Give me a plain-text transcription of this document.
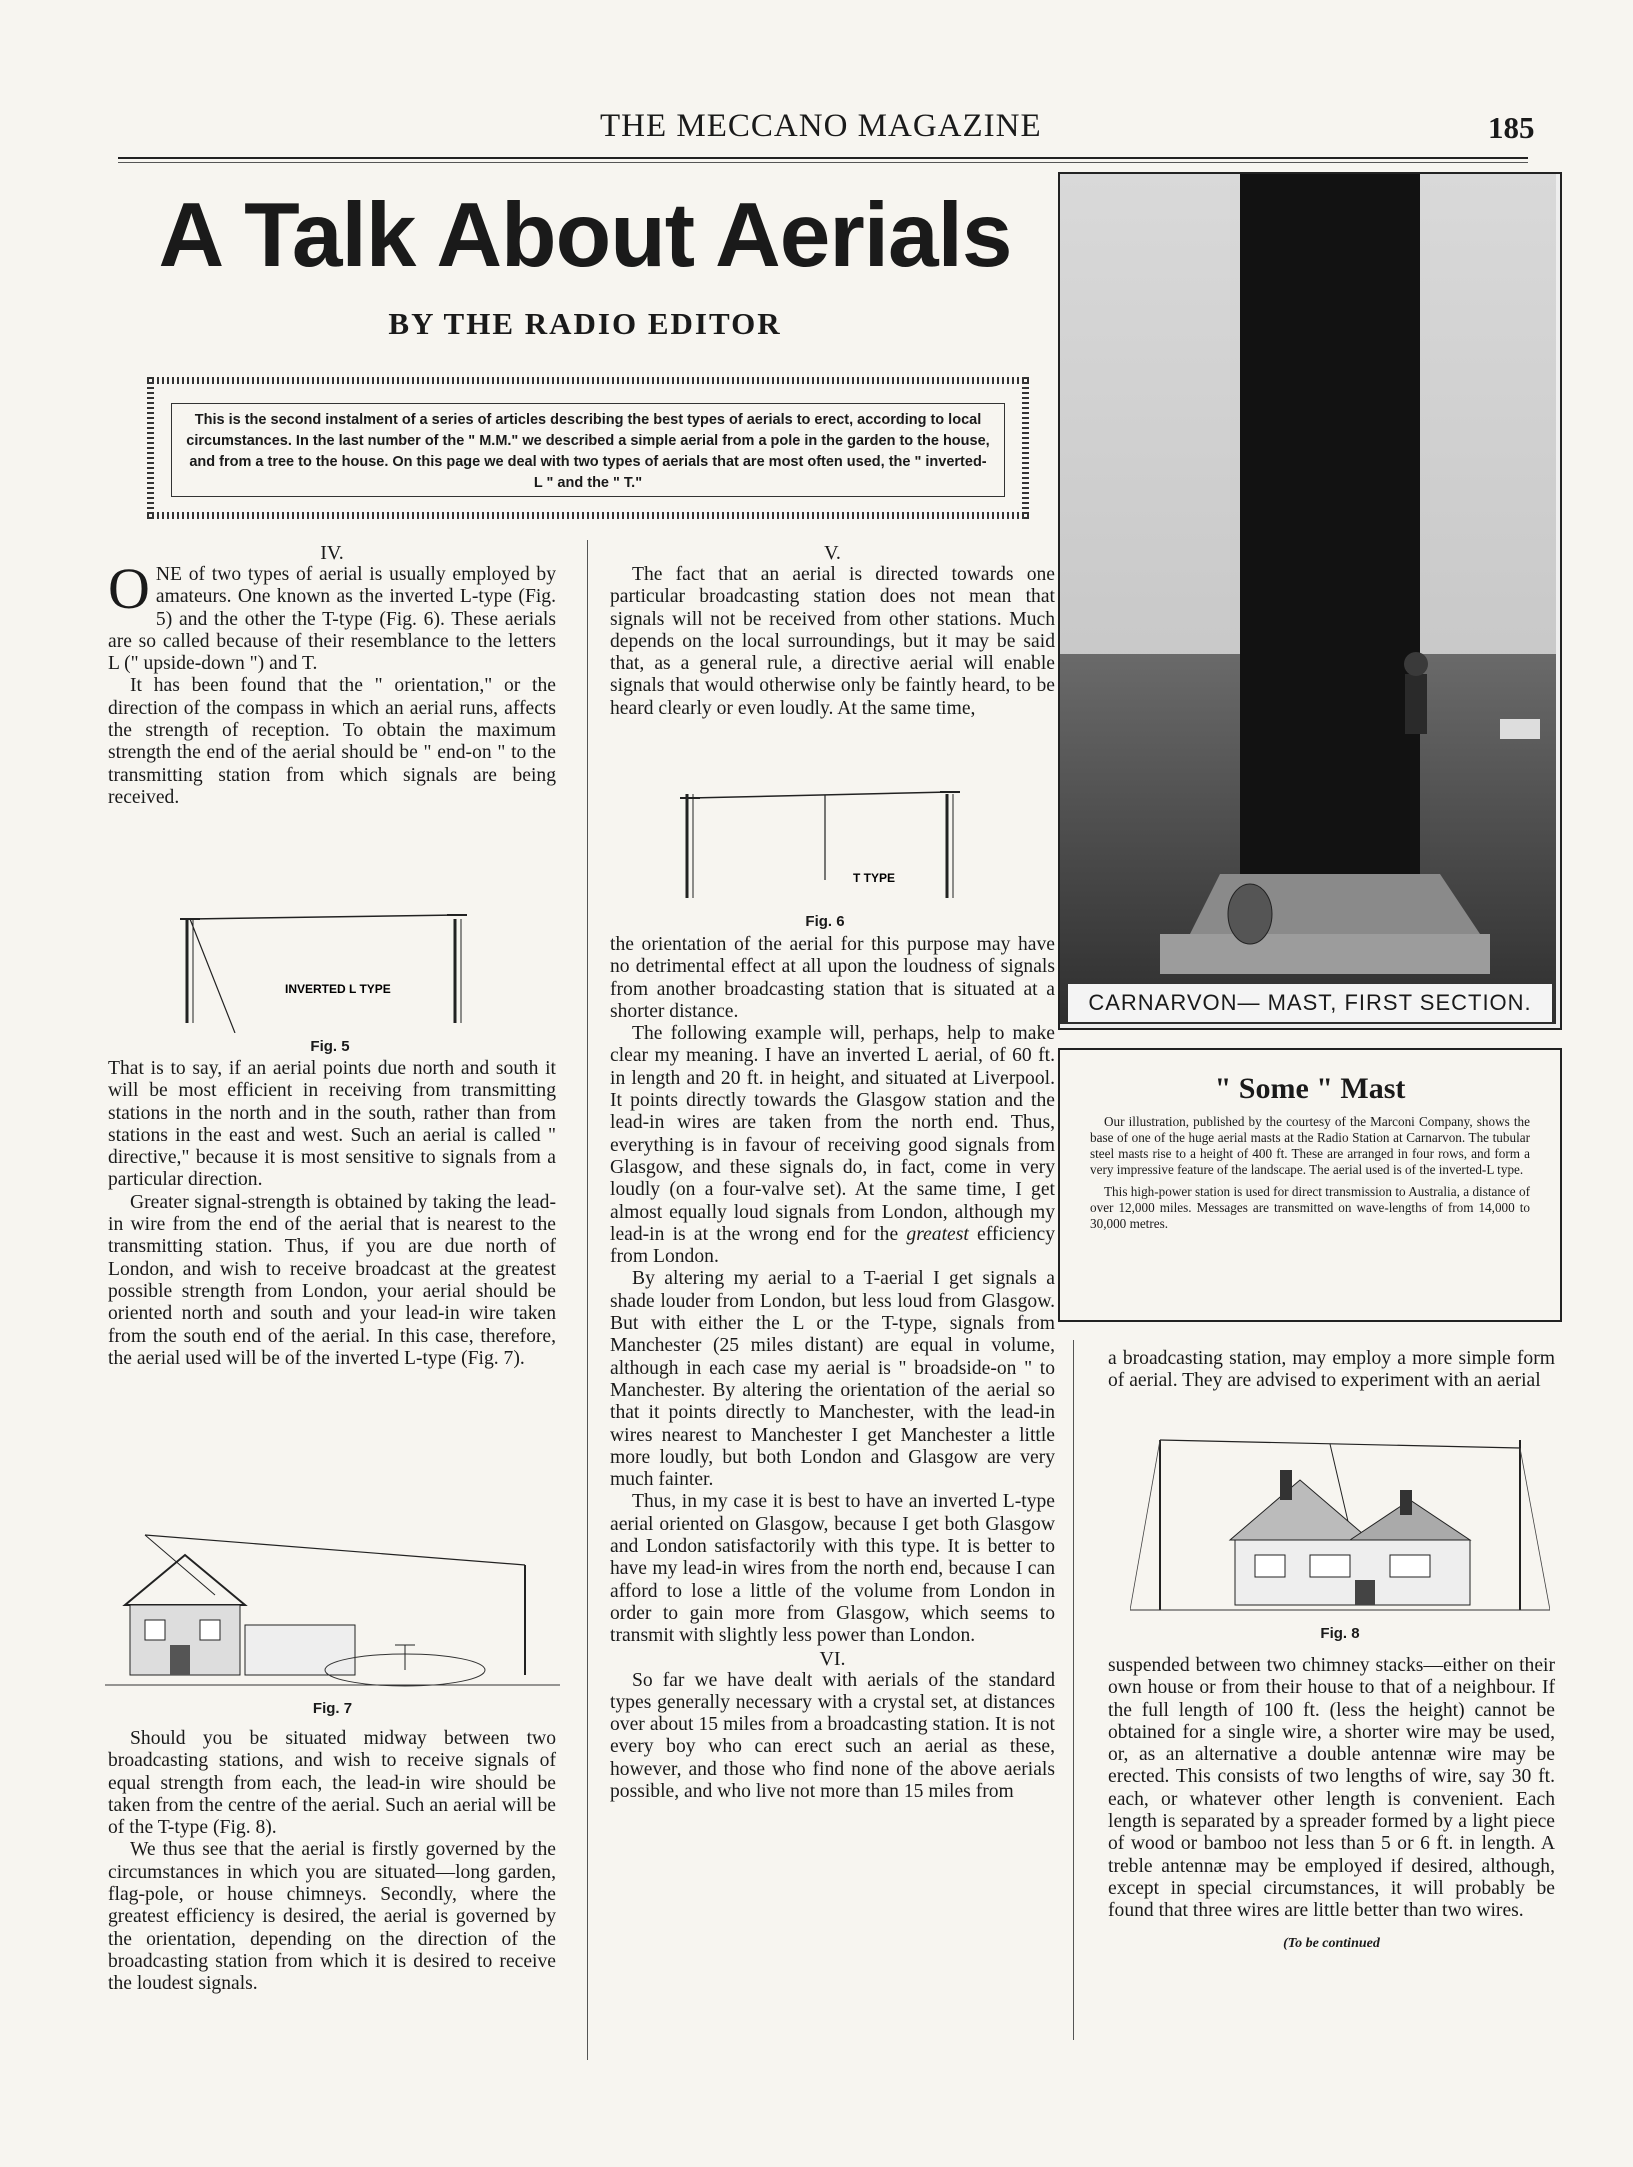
THE MECCANO MAGAZINE	185
A Talk About Aerials
BY THE RADIO EDITOR
This is the second instalment of a series of articles describing the best types of aerials to erect, according to local circumstances. In the last number of the " M.M." we described a simple aerial from a pole in the garden to the house, and from a tree to the house. On this page we deal with two types of aerials that are most often used, the " inverted-L " and the " T."
IV.

ONE of two types of aerial is usually employed by amateurs. One known as the inverted L-type (Fig. 5) and the other the T-type (Fig. 6). These aerials are so called because of their resemblance to the letters L (" upside-down ") and T.

It has been found that the " orientation," or the direction of the compass in which an aerial runs, affects the strength of reception. To obtain the maximum strength the end of the aerial should be " end-on " to the transmitting station from which signals are being received.

INVERTED L TYPE
Fig. 5

That is to say, if an aerial points due north and south it will be most efficient in receiving from transmitting stations in the north and in the south, rather than from stations in the east and west. Such an aerial is called " directive," because it is most sensitive to signals from a particular direction.

Greater signal-strength is obtained by taking the lead-in wire from the end of the aerial that is nearest to the transmitting station. Thus, if you are due north of London, and wish to receive broadcast at the greatest possible strength from London, your aerial should be oriented north and south and your lead-in wire taken from the south end of the aerial. In this case, therefore, the aerial used will be of the inverted L-type (Fig. 7).

Fig. 7

Should you be situated midway between two broadcasting stations, and wish to receive signals of equal strength from each, the lead-in wire should be taken from the centre of the aerial. Such an aerial will be of the T-type (Fig. 8).

We thus see that the aerial is firstly governed by the circumstances in which you are situated—long garden, flag-pole, or house chimneys. Secondly, where the greatest efficiency is desired, the aerial is governed by the orientation, depending on the direction of the broadcasting station from which it is desired to receive the loudest signals.

V.

The fact that an aerial is directed towards one particular broadcasting station does not mean that signals will not be received from other stations. Much depends on the local surroundings, but it may be said that, as a general rule, a directive aerial will enable signals that would otherwise only be faintly heard, to be heard clearly or even loudly. At the same time,

T TYPE
Fig. 6

the orientation of the aerial for this purpose may have no detrimental effect at all upon the loudness of signals from another broadcasting station that is situated at a shorter distance.

The following example will, perhaps, help to make clear my meaning. I have an inverted L aerial, of 60 ft. in length and 20 ft. in height, and situated at Liverpool. It points directly towards the Glasgow station and the lead-in wires are taken from the north end. Thus, everything is in favour of receiving good signals from Glasgow, and these signals do, in fact, come in very loudly (on a four-valve set). At the same time, I get almost equally loud signals from London, although my lead-in is at the wrong end for the greatest efficiency from London.

By altering my aerial to a T-aerial I get signals a shade louder from London, but less loud from Glasgow. But with either the L or the T-type, signals from Manchester (25 miles distant) are equal in volume, although in each case my aerial is " broadside-on " to Manchester. By altering the orientation of the aerial so that it points directly to Manchester, with the lead-in wires nearest to Manchester I get Manchester a little more loudly, but both London and Glasgow are very much fainter.

Thus, in my case it is best to have an inverted L-type aerial oriented on Glasgow, because I get both Glasgow and London satisfactorily with this type. It is better to have my lead-in wires from the north end, because I can afford to lose a little of the volume from London in order to gain more from Glasgow, which seems to transmit with slightly less power than London.

VI.

So far we have dealt with aerials of the standard types generally necessary with a crystal set, at distances over about 15 miles from a broadcasting station. It is not every boy who can erect such an aerial as these, however, and those who find none of the above aerials possible, and who live not more than 15 miles from

CARNARVON— MAST, FIRST SECTION.
" Some " Mast

Our illustration, published by the courtesy of the Marconi Company, shows the base of one of the huge aerial masts at the Radio Station at Carnarvon. The tubular steel masts rise to a height of 400 ft. These are arranged in four rows, and form a very impressive feature of the landscape. The aerial used is of the inverted-L type.

This high-power station is used for direct transmission to Australia, a distance of over 12,000 miles. Messages are transmitted on wave-lengths of from 14,000 to 30,000 metres.

a broadcasting station, may employ a more simple form of aerial. They are advised to experiment with an aerial

Fig. 8

suspended between two chimney stacks—either on their own house or from their house to that of a neighbour. If the full length of 100 ft. (less the height) cannot be obtained for a single wire, a shorter wire may be used, or, as an alternative a double antennæ wire may be erected. This consists of two lengths of wire, say 30 ft. each, or whatever other length is convenient. Each length is separated by a spreader formed by a light piece of wood or bamboo not less than 5 or 6 ft. in length. A treble antennæ may be employed if desired, although, except in special circumstances, it will probably be found that three wires are little better than two wires.

(To be continued
